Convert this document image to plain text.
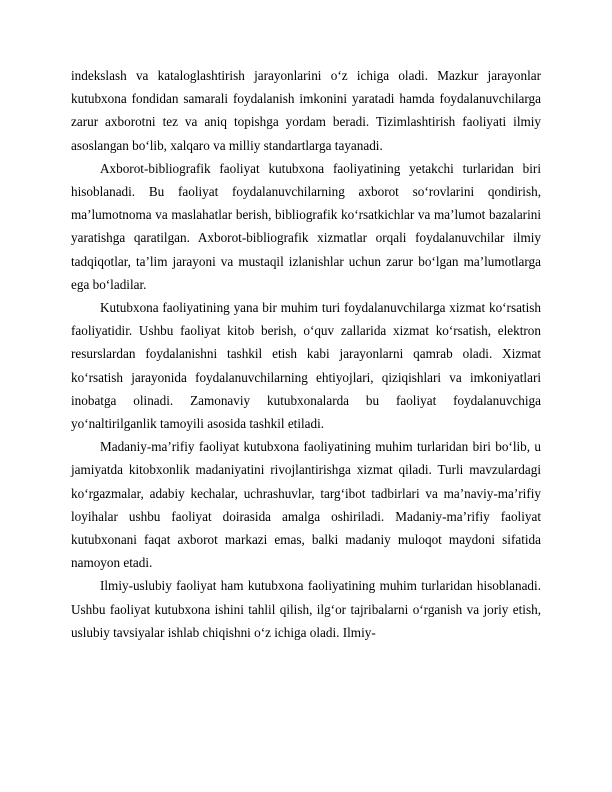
indekslash va kataloglashtirish jarayonlarini o‘z ichiga oladi. Mazkur jarayonlar kutubxona fondidan samarali foydalanish imkonini yaratadi hamda foydalanuvchilarga zarur axborotni tez va aniq topishga yordam beradi. Tizimlashtirish faoliyati ilmiy asoslangan bo‘lib, xalqaro va milliy standartlarga tayanadi.

Axborot-bibliografik faoliyat kutubxona faoliyatining yetakchi turlaridan biri hisoblanadi. Bu faoliyat foydalanuvchilarning axborot so‘rovlarini qondirish, ma’lumotnoma va maslahatlar berish, bibliografik ko‘rsatkichlar va ma’lumot bazalarini yaratishga qaratilgan. Axborot-bibliografik xizmatlar orqali foydalanuvchilar ilmiy tadqiqotlar, ta’lim jarayoni va mustaqil izlanishlar uchun zarur bo‘lgan ma’lumotlarga ega bo‘ladilar.

Kutubxona faoliyatining yana bir muhim turi foydalanuvchilarga xizmat ko‘rsatish faoliyatidir. Ushbu faoliyat kitob berish, o‘quv zallarida xizmat ko‘rsatish, elektron resurslardan foydalanishni tashkil etish kabi jarayonlarni qamrab oladi. Xizmat ko‘rsatish jarayonida foydalanuvchilarning ehtiyojlari, qiziqishlari va imkoniyatlari inobatga olinadi. Zamonaviy kutubxonalarda bu faoliyat foydalanuvchiga yo‘naltirilganlik tamoyili asosida tashkil etiladi.

Madaniy-ma’rifiy faoliyat kutubxona faoliyatining muhim turlaridan biri bo‘lib, u jamiyatda kitobxonlik madaniyatini rivojlantirishga xizmat qiladi. Turli mavzulardagi ko‘rgazmalar, adabiy kechalar, uchrashuvlar, targ‘ibot tadbirlari va ma’naviy-ma’rifiy loyihalar ushbu faoliyat doirasida amalga oshiriladi. Madaniy-ma’rifiy faoliyat kutubxonani faqat axborot markazi emas, balki madaniy muloqot maydoni sifatida namoyon etadi.

Ilmiy-uslubiy faoliyat ham kutubxona faoliyatining muhim turlaridan hisoblanadi. Ushbu faoliyat kutubxona ishini tahlil qilish, ilg‘or tajribalarni o‘rganish va joriy etish, uslubiy tavsiyalar ishlab chiqishni o‘z ichiga oladi. Ilmiy-
